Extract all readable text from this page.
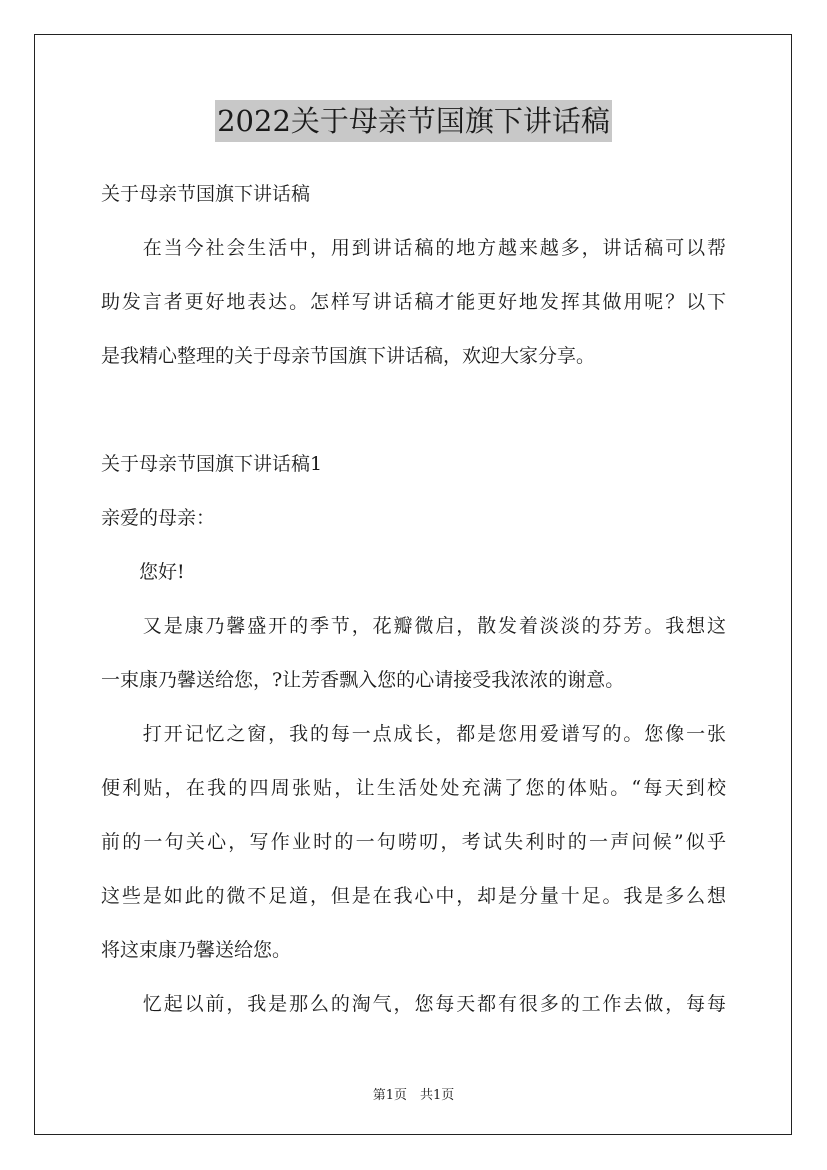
2022关于母亲节国旗下讲话稿
关于母亲节国旗下讲话稿
　　在当今社会生活中，用到讲话稿的地方越来越多，讲话稿可以帮
助发言者更好地表达。怎样写讲话稿才能更好地发挥其做用呢？以下
是我精心整理的关于母亲节国旗下讲话稿，欢迎大家分享。
关于母亲节国旗下讲话稿1
亲爱的母亲：
　　您好!
　　又是康乃馨盛开的季节，花瓣微启，散发着淡淡的芬芳。我想这
一束康乃馨送给您，?让芳香飘入您的心请接受我浓浓的谢意。
　　打开记忆之窗，我的每一点成长，都是您用爱谱写的。您像一张
便利贴，在我的四周张贴，让生活处处充满了您的体贴。“每天到校
前的一句关心，写作业时的一句唠叨，考试失利时的一声问候”似乎
这些是如此的微不足道，但是在我心中，却是分量十足。我是多么想
将这束康乃馨送给您。
　　忆起以前，我是那么的淘气，您每天都有很多的工作去做，每每
第1页　共1页
